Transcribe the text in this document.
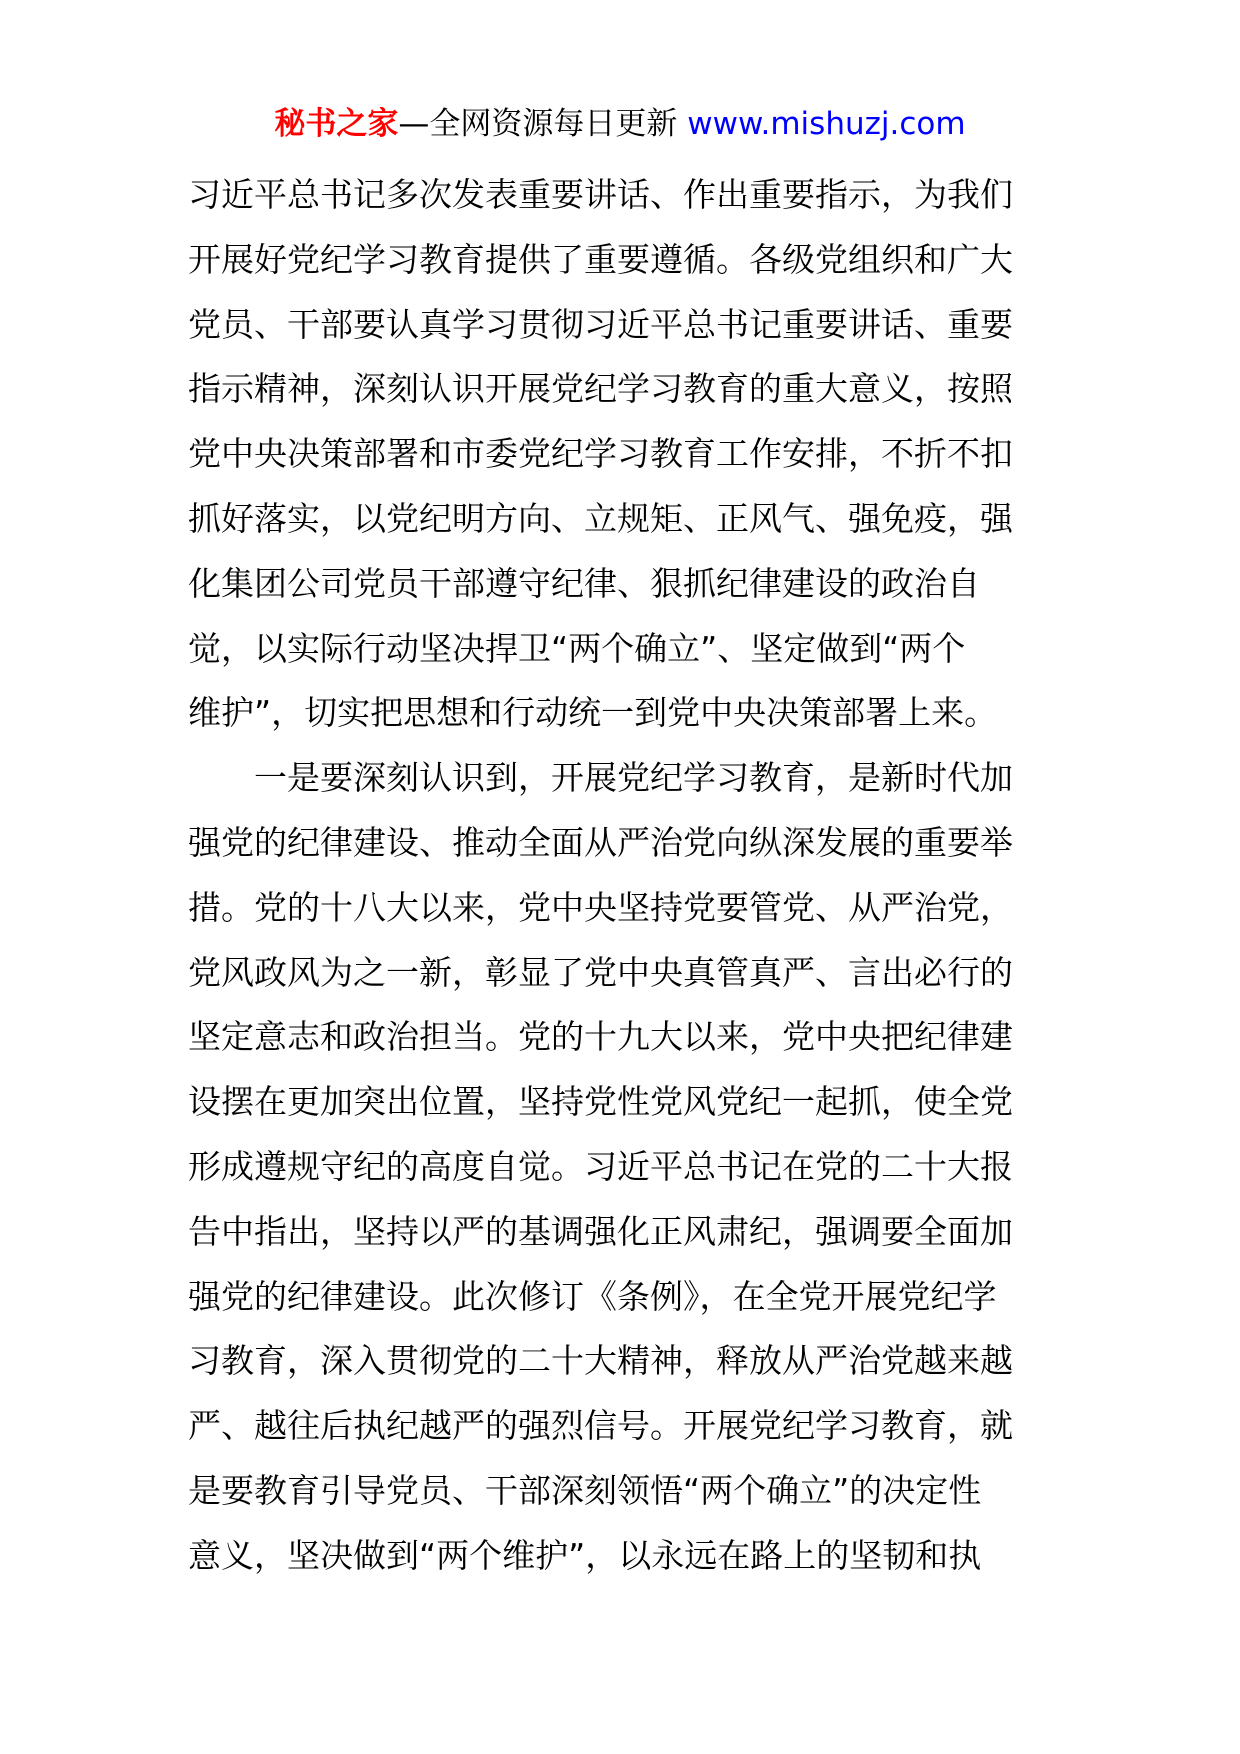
秘书之家—全网资源每日更新 www.mishuzj.com
习近平总书记多次发表重要讲话、作出重要指示，为我们
开展好党纪学习教育提供了重要遵循。各级党组织和广大
党员、干部要认真学习贯彻习近平总书记重要讲话、重要
指示精神，深刻认识开展党纪学习教育的重大意义，按照
党中央决策部署和市委党纪学习教育工作安排，不折不扣
抓好落实，以党纪明方向、立规矩、正风气、强免疫，强
化集团公司党员干部遵守纪律、狠抓纪律建设的政治自
觉，以实际行动坚决捍卫“两个确立”、坚定做到“两个
维护”，切实把思想和行动统一到党中央决策部署上来。
一是要深刻认识到，开展党纪学习教育，是新时代加
强党的纪律建设、推动全面从严治党向纵深发展的重要举
措。党的十八大以来，党中央坚持党要管党、从严治党，
党风政风为之一新，彰显了党中央真管真严、言出必行的
坚定意志和政治担当。党的十九大以来，党中央把纪律建
设摆在更加突出位置，坚持党性党风党纪一起抓，使全党
形成遵规守纪的高度自觉。习近平总书记在党的二十大报
告中指出，坚持以严的基调强化正风肃纪，强调要全面加
强党的纪律建设。此次修订《条例》，在全党开展党纪学
习教育，深入贯彻党的二十大精神，释放从严治党越来越
严、越往后执纪越严的强烈信号。开展党纪学习教育，就
是要教育引导党员、干部深刻领悟“两个确立”的决定性
意义，坚决做到“两个维护”，以永远在路上的坚韧和执
